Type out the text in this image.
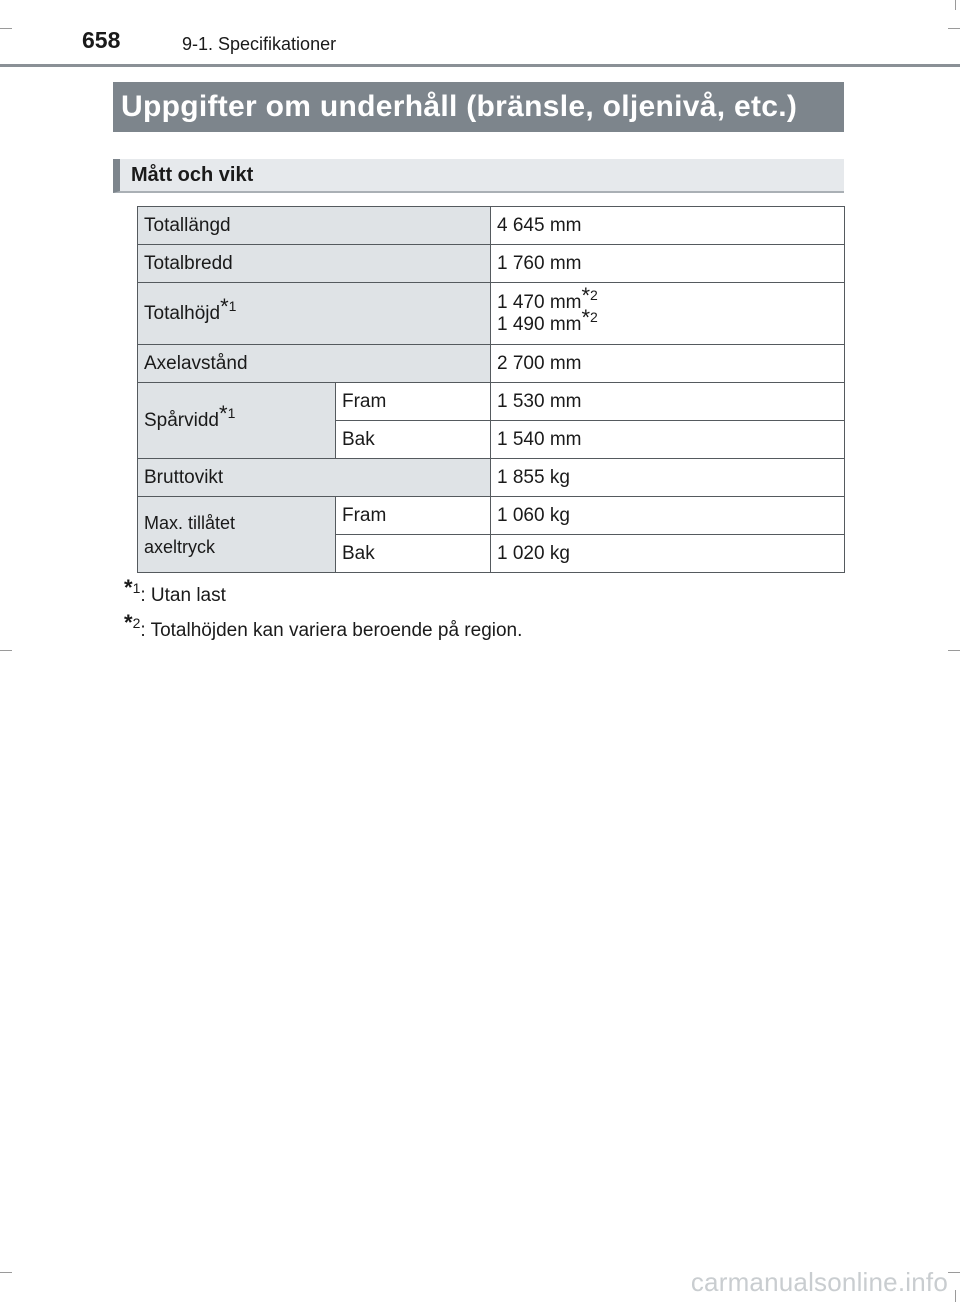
658	9-1. Specifikationer
Uppgifter om underhåll (bränsle, oljenivå, etc.)
Mått och vikt
Totallängd		4 645 mm
Totalbredd		1 760 mm
Totalhöjd*$^1$		1 470 mm*$^2$
1 490 mm*$^2$

Axelavstånd		2 700 mm
Spårvidd*$^1$	Fram	1 530 mm
	Bak	1 540 mm
Bruttovikt		1 855 kg

Max. tillåtet
axeltryck	Fram	1 060 kg
	Bak	1 020 kg
*$^1$: Utan last
*$^2$: Totalhöjden kan variera beroende på region.
carmanualsonline.info
